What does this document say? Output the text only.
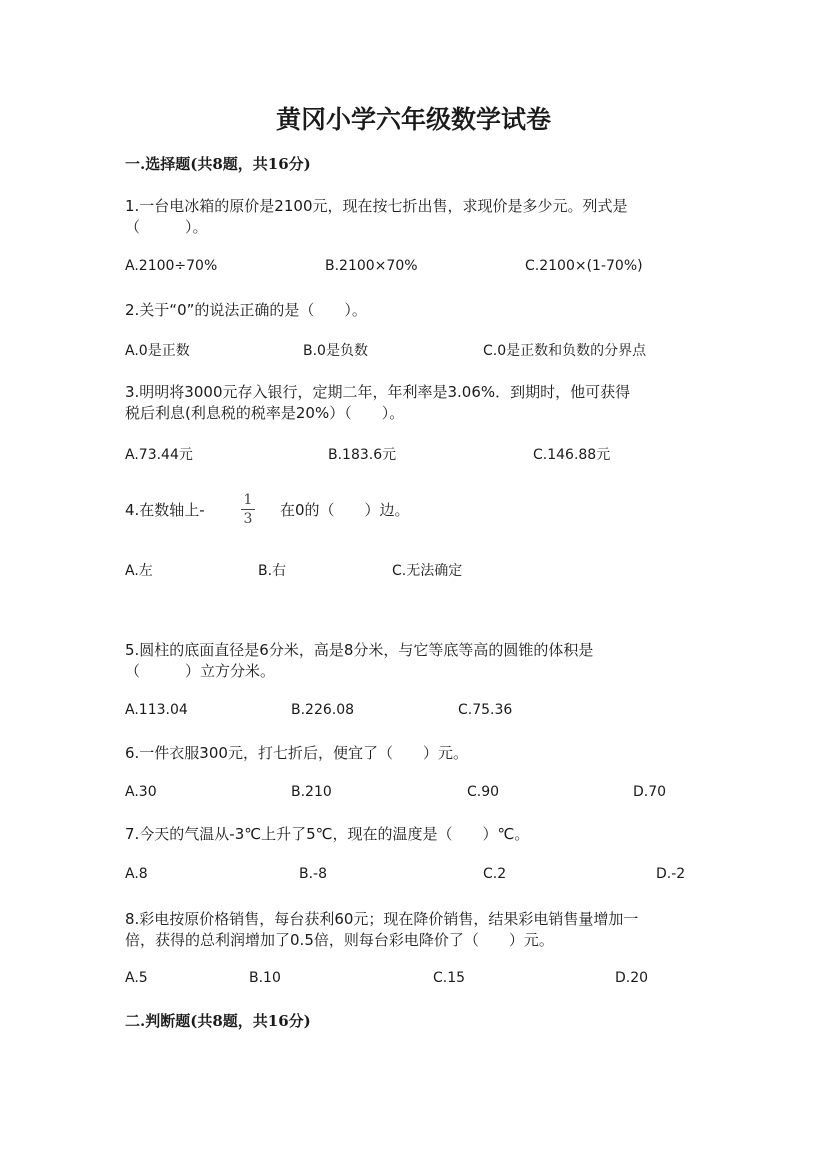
黄冈小学六年级数学试卷
一.选择题(共8题，共16分)
1.一台电冰箱的原价是2100元，现在按七折出售，求现价是多少元。列式是
（　　　）。
A.2100÷70%	B.2100×70%	C.2100×(1-70%)
2.关于“0”的说法正确的是（　　）。
A.0是正数	B.0是负数	C.0是正数和负数的分界点
3.明明将3000元存入银行，定期二年，年利率是3.06%．到期时，他可获得
税后利息(利息税的税率是20%）（　　）。
A.73.44元	B.183.6元	C.146.88元
4.在数轴上-
1
3 在0的（　　）边。
A.左	B.右	C.无法确定
5.圆柱的底面直径是6分米，高是8分米，与它等底等高的圆锥的体积是
（　　　）立方分米。
A.113.04	B.226.08	C.75.36
6.一件衣服300元，打七折后，便宜了（　　）元。
A.30	B.210	C.90	D.70
7.今天的气温从-3℃上升了5℃，现在的温度是（　　）℃。
A.8	B.-8	C.2	D.-2
8.彩电按原价格销售，每台获利60元；现在降价销售，结果彩电销售量增加一
倍，获得的总利润增加了0.5倍，则每台彩电降价了（　　）元。
A.5	B.10	C.15	D.20
二.判断题(共8题，共16分)
